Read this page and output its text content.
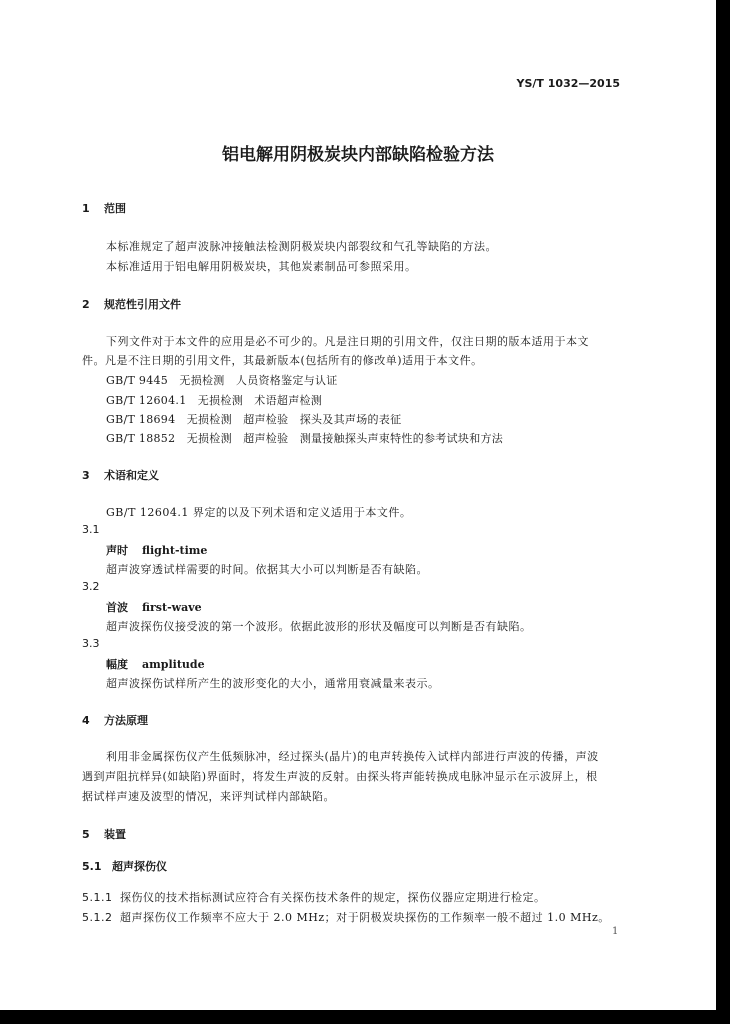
YS/T 1032—2015
铝电解用阴极炭块内部缺陷检验方法
1 范围
本标准规定了超声波脉冲接触法检测阴极炭块内部裂纹和气孔等缺陷的方法。
本标准适用于铝电解用阴极炭块，其他炭素制品可参照采用。
2 规范性引用文件
下列文件对于本文件的应用是必不可少的。凡是注日期的引用文件，仅注日期的版本适用于本文
件。凡是不注日期的引用文件，其最新版本(包括所有的修改单)适用于本文件。
GB/T 9445　无损检测　人员资格鉴定与认证
GB/T 12604.1　无损检测　术语超声检测
GB/T 18694　无损检测　超声检验　探头及其声场的表征
GB/T 18852　无损检测　超声检验　测量接触探头声束特性的参考试块和方法
3 术语和定义
GB/T 12604.1 界定的以及下列术语和定义适用于本文件。
3.1
声时 flight-time
超声波穿透试样需要的时间。依据其大小可以判断是否有缺陷。
3.2
首波 first-wave
超声波探伤仪接受波的第一个波形。依据此波形的形状及幅度可以判断是否有缺陷。
3.3
幅度 amplitude
超声波探伤试样所产生的波形变化的大小，通常用衰减量来表示。
4 方法原理
利用非金属探伤仪产生低频脉冲，经过探头(晶片)的电声转换传入试样内部进行声波的传播，声波
遇到声阻抗样异(如缺陷)界面时，将发生声波的反射。由探头将声能转换成电脉冲显示在示波屏上，根
据试样声速及波型的情况，来评判试样内部缺陷。
5 装置
5.1 超声探伤仪
5.1.1 探伤仪的技术指标测试应符合有关探伤技术条件的规定，探伤仪器应定期进行检定。
5.1.2 超声探伤仪工作频率不应大于 2.0 MHz；对于阴极炭块探伤的工作频率一般不超过 1.0 MHz。
1
